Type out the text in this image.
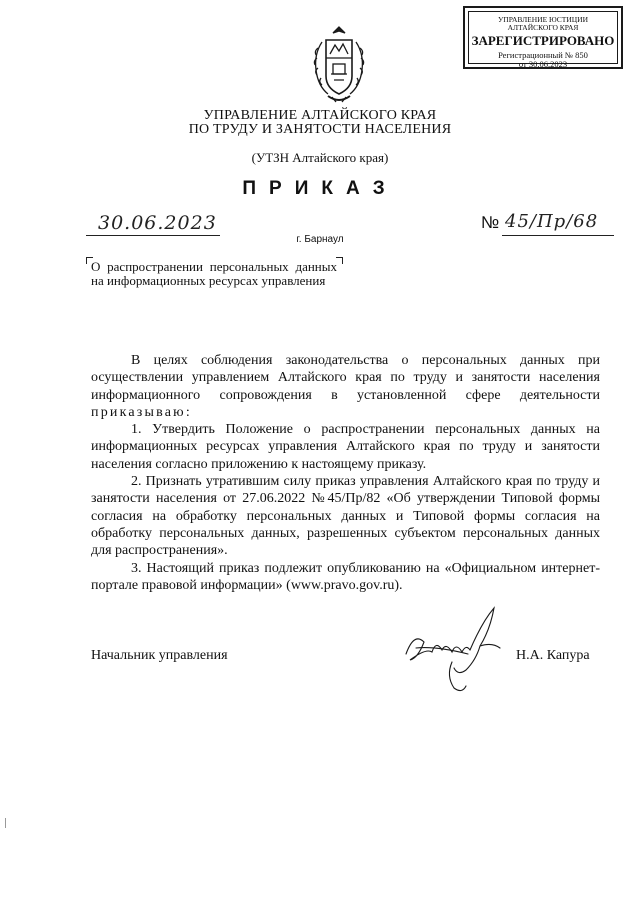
УПРАВЛЕНИЕ ЮСТИЦИИ
АЛТАЙСКОГО КРАЯ
ЗАРЕГИСТРИРОВАНО
Регистрационный № 850
от 30.06.2023
УПРАВЛЕНИЕ АЛТАЙСКОГО КРАЯ
ПО ТРУДУ И ЗАНЯТОСТИ НАСЕЛЕНИЯ
(УТЗН Алтайского края)
ПРИКАЗ
30.06.2023	№ 45/Пр/68
г. Барнаул
О распространении персональных данных на информационных ресурсах управления

В целях соблюдения законодательства о персональных данных при осуществлении управлением Алтайского края по труду и занятости населения информационного сопровождения в установленной сфере деятельности приказываю:

1. Утвердить Положение о распространении персональных данных на информационных ресурсах управления Алтайского края по труду и занятости населения согласно приложению к настоящему приказу.

2. Признать утратившим силу приказ управления Алтайского края по труду и занятости населения от 27.06.2022 №45/Пр/82 «Об утверждении Типовой формы согласия на обработку персональных данных и Типовой формы согласия на обработку персональных данных, разрешенных субъектом персональных данных для распространения».

3. Настоящий приказ подлежит опубликованию на «Официальном интернет-портале правовой информации» (www.pravo.gov.ru).

Начальник управления	Н.А. Капура
